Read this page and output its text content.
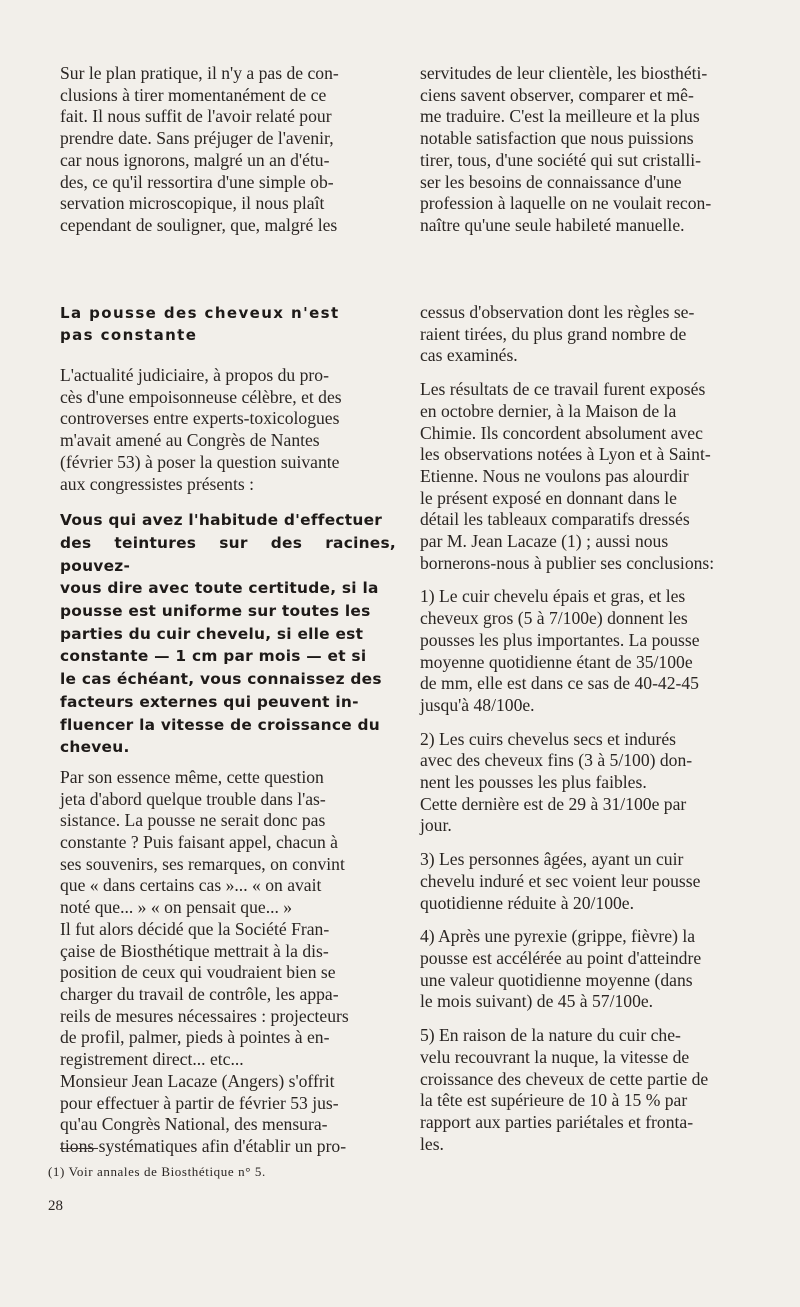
Sur le plan pratique, il n'y a pas de con-
clusions à tirer momentanément de ce
fait. Il nous suffit de l'avoir relaté pour
prendre date. Sans préjuger de l'avenir,
car nous ignorons, malgré un an d'étu-
des, ce qu'il ressortira d'une simple ob-
servation microscopique, il nous plaît
cependant de souligner, que, malgré les

servitudes de leur clientèle, les biosthéti-
ciens savent observer, comparer et mê-
me traduire. C'est la meilleure et la plus
notable satisfaction que nous puissions
tirer, tous, d'une société qui sut cristalli-
ser les besoins de connaissance d'une
profession à laquelle on ne voulait recon-
naître qu'une seule habileté manuelle.

La pousse des cheveux n'est
pas constante

L'actualité judiciaire, à propos du pro-
cès d'une empoisonneuse célèbre, et des
controverses entre experts-toxicologues
m'avait amené au Congrès de Nantes
(février 53) à poser la question suivante
aux congressistes présents :

Vous qui avez l'habitude d'effectuer
des teintures sur des racines, pouvez-
vous dire avec toute certitude, si la
pousse est uniforme sur toutes les
parties du cuir chevelu, si elle est
constante — 1 cm par mois — et si
le cas échéant, vous connaissez des
facteurs externes qui peuvent in-
fluencer la vitesse de croissance du
cheveu.

Par son essence même, cette question
jeta d'abord quelque trouble dans l'as-
sistance. La pousse ne serait donc pas
constante ? Puis faisant appel, chacun à
ses souvenirs, ses remarques, on convint
que « dans certains cas »... « on avait
noté que... » « on pensait que... »
Il fut alors décidé que la Société Fran-
çaise de Biosthétique mettrait à la dis-
position de ceux qui voudraient bien se
charger du travail de contrôle, les appa-
reils de mesures nécessaires : projecteurs
de profil, palmer, pieds à pointes à en-
registrement direct... etc...
Monsieur Jean Lacaze (Angers) s'offrit
pour effectuer à partir de février 53 jus-
qu'au Congrès National, des mensura-
tions systématiques afin d'établir un pro-

cessus d'observation dont les règles se-
raient tirées, du plus grand nombre de
cas examinés.

Les résultats de ce travail furent exposés
en octobre dernier, à la Maison de la
Chimie. Ils concordent absolument avec
les observations notées à Lyon et à Saint-
Etienne. Nous ne voulons pas alourdir
le présent exposé en donnant dans le
détail les tableaux comparatifs dressés
par M. Jean Lacaze (1) ; aussi nous
bornerons-nous à publier ses conclusions:

1) Le cuir chevelu épais et gras, et les
cheveux gros (5 à 7/100e) donnent les
pousses les plus importantes. La pousse
moyenne quotidienne étant de 35/100e
de mm, elle est dans ce sas de 40-42-45
jusqu'à 48/100e.

2) Les cuirs chevelus secs et indurés
avec des cheveux fins (3 à 5/100) don-
nent les pousses les plus faibles.
Cette dernière est de 29 à 31/100e par
jour.

3) Les personnes âgées, ayant un cuir
chevelu induré et sec voient leur pousse
quotidienne réduite à 20/100e.

4) Après une pyrexie (grippe, fièvre) la
pousse est accélérée au point d'atteindre
une valeur quotidienne moyenne (dans
le mois suivant) de 45 à 57/100e.

5) En raison de la nature du cuir che-
velu recouvrant la nuque, la vitesse de
croissance des cheveux de cette partie de
la tête est supérieure de 10 à 15 % par
rapport aux parties pariétales et fronta-
les.

(1) Voir annales de Biosthétique n° 5.

28
